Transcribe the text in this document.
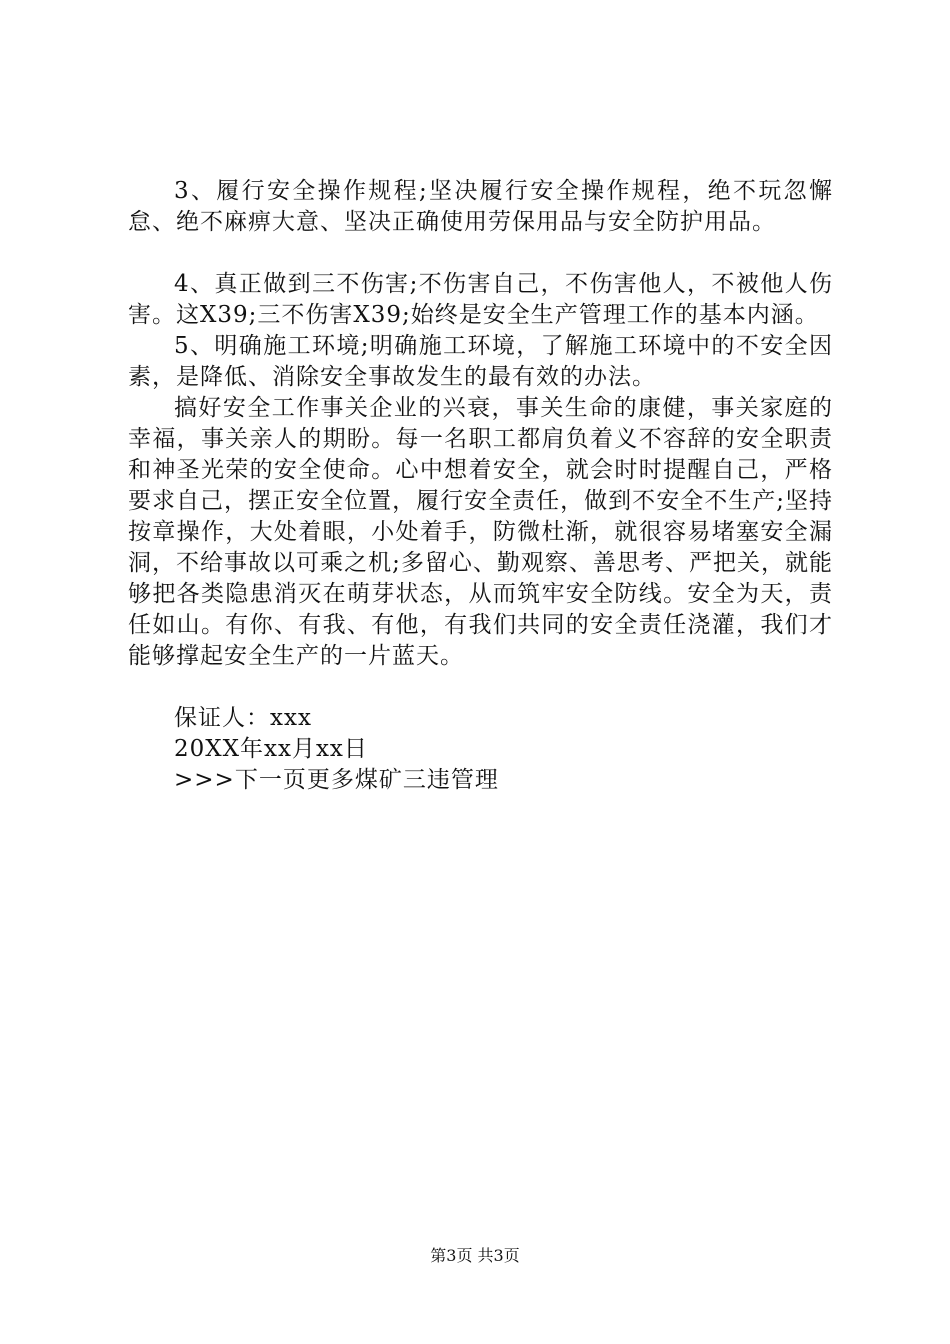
3、履行安全操作规程;坚决履行安全操作规程，绝不玩忽懈怠、绝不麻痹大意、坚决正确使用劳保用品与安全防护用品。

4、真正做到三不伤害;不伤害自己，不伤害他人，不被他人伤害。这X39;三不伤害X39;始终是安全生产管理工作的基本内涵。

5、明确施工环境;明确施工环境，了解施工环境中的不安全因素，是降低、消除安全事故发生的最有效的办法。

搞好安全工作事关企业的兴衰，事关生命的康健，事关家庭的幸福，事关亲人的期盼。每一名职工都肩负着义不容辞的安全职责和神圣光荣的安全使命。心中想着安全，就会时时提醒自己，严格要求自己，摆正安全位置，履行安全责任，做到不安全不生产;坚持按章操作，大处着眼，小处着手，防微杜渐，就很容易堵塞安全漏洞，不给事故以可乘之机;多留心、勤观察、善思考、严把关，就能够把各类隐患消灭在萌芽状态，从而筑牢安全防线。安全为天，责任如山。有你、有我、有他，有我们共同的安全责任浇灌，我们才能够撑起安全生产的一片蓝天。

保证人：xxx

20XX年xx月xx日

>>>下一页更多煤矿三违管理

第3页 共3页
